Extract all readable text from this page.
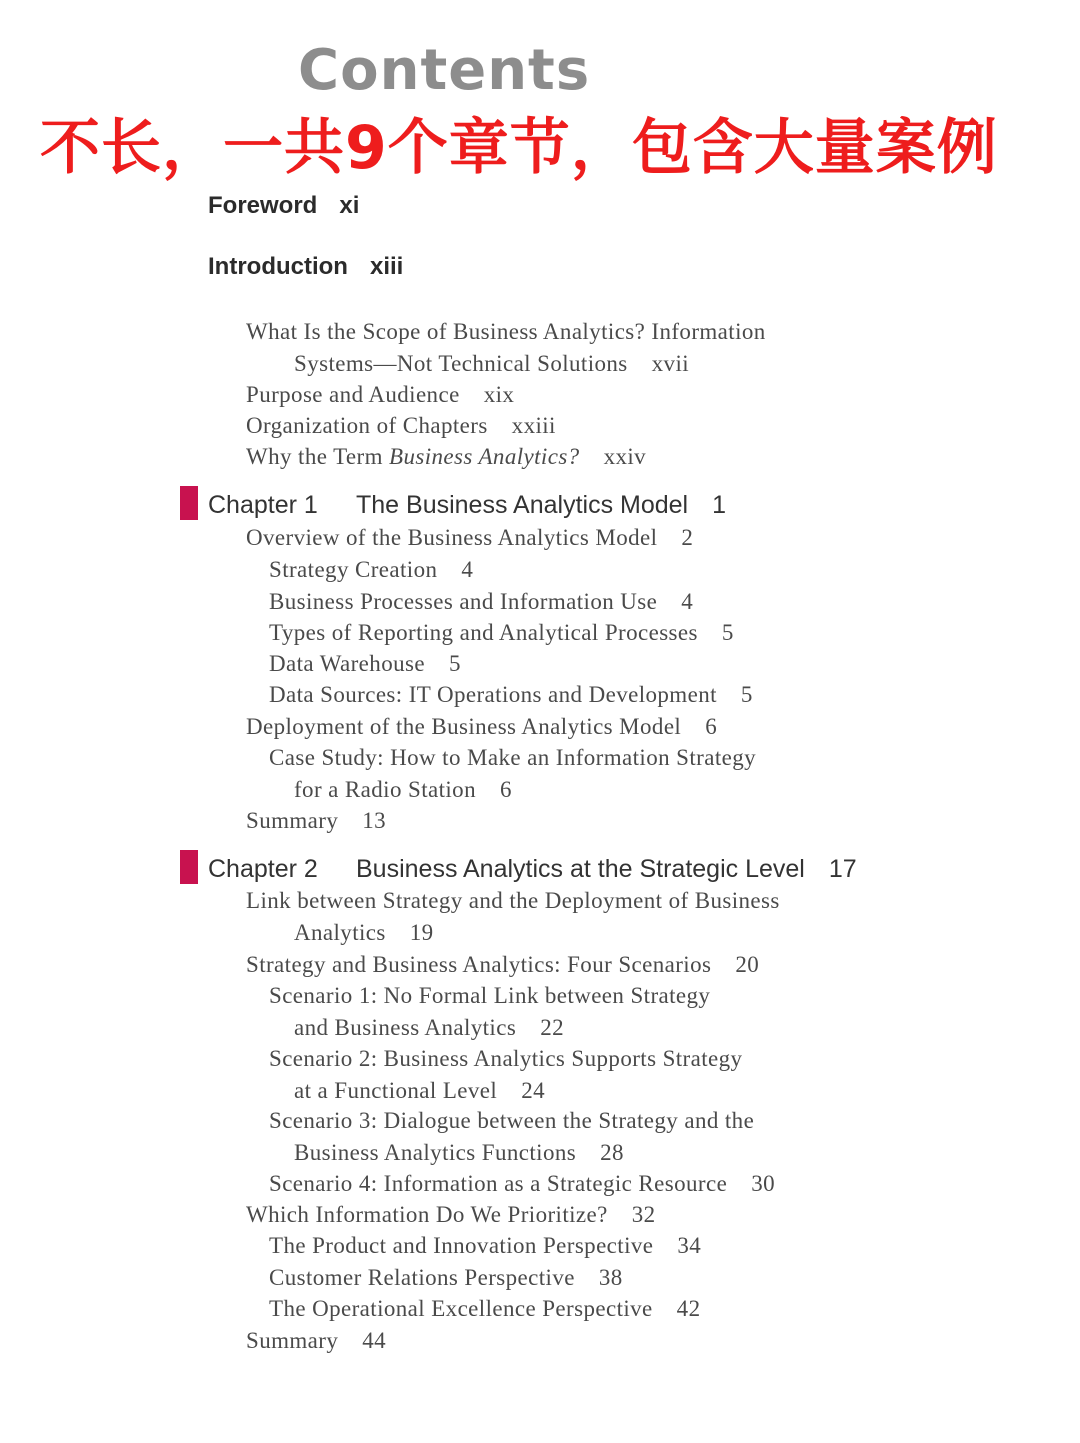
Contents
不长，一共9个章节，包含大量案例
Foreword xi
Introduction xiii
What Is the Scope of Business Analytics? Information
Systems—Not Technical Solutions xvii
Purpose and Audience xix
Organization of Chapters xxiii
Why the Term Business Analytics? xxiv
Chapter 1 The Business Analytics Model 1
Overview of the Business Analytics Model 2
Strategy Creation 4
Business Processes and Information Use 4
Types of Reporting and Analytical Processes 5
Data Warehouse 5
Data Sources: IT Operations and Development 5
Deployment of the Business Analytics Model 6
Case Study: How to Make an Information Strategy
for a Radio Station 6
Summary 13
Chapter 2 Business Analytics at the Strategic Level 17
Link between Strategy and the Deployment of Business
Analytics 19
Strategy and Business Analytics: Four Scenarios 20
Scenario 1: No Formal Link between Strategy
and Business Analytics 22
Scenario 2: Business Analytics Supports Strategy
at a Functional Level 24
Scenario 3: Dialogue between the Strategy and the
Business Analytics Functions 28
Scenario 4: Information as a Strategic Resource 30
Which Information Do We Prioritize? 32
The Product and Innovation Perspective 34
Customer Relations Perspective 38
The Operational Excellence Perspective 42
Summary 44
